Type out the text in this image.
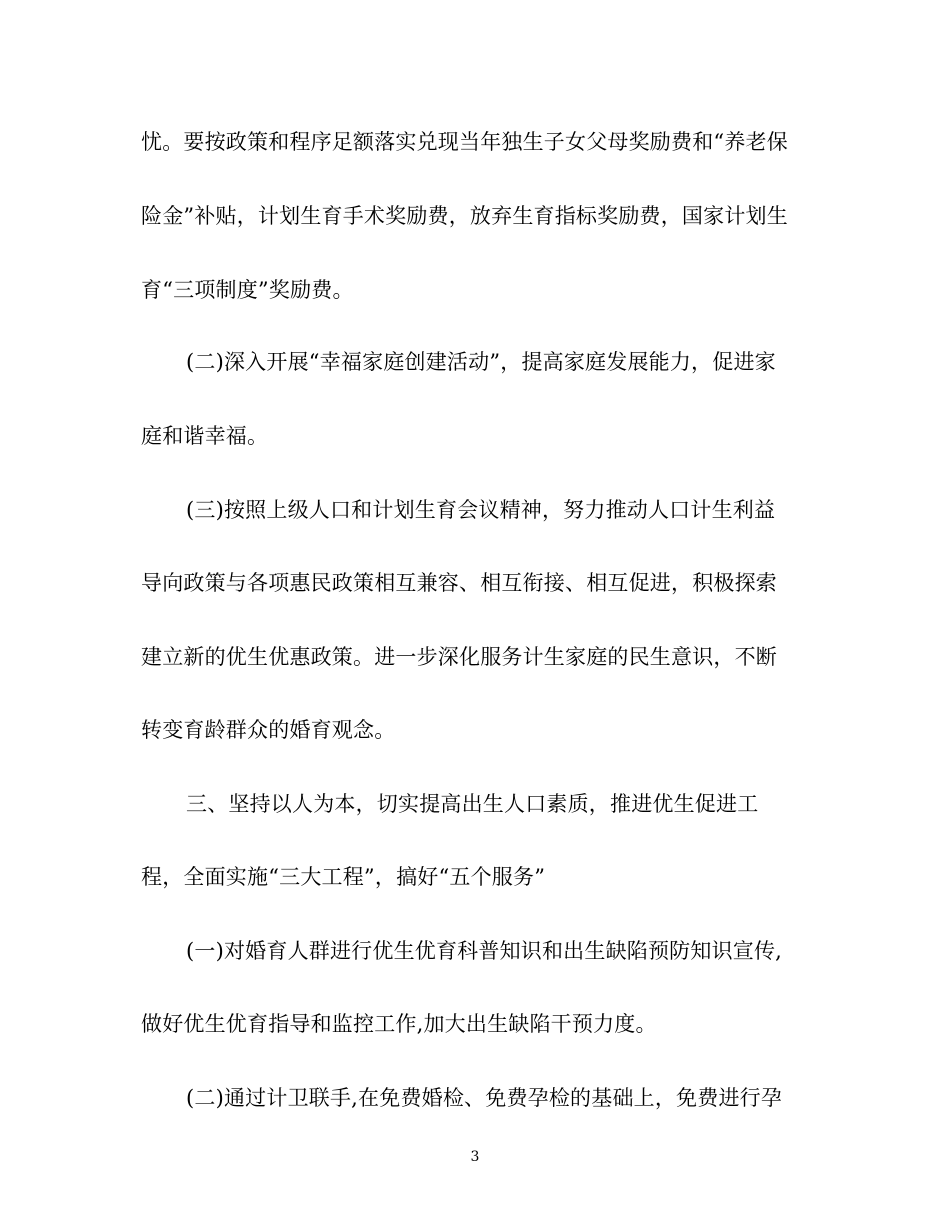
忧。要按政策和程序足额落实兑现当年独生子女父母奖励费和“养老保
险金”补贴，计划生育手术奖励费，放弃生育指标奖励费，国家计划生
育“三项制度”奖励费。
(二)深入开展“幸福家庭创建活动”，提高家庭发展能力，促进家
庭和谐幸福。
(三)按照上级人口和计划生育会议精神，努力推动人口计生利益
导向政策与各项惠民政策相互兼容、相互衔接、相互促进，积极探索
建立新的优生优惠政策。进一步深化服务计生家庭的民生意识，不断
转变育龄群众的婚育观念。
三、坚持以人为本，切实提高出生人口素质，推进优生促进工
程，全面实施“三大工程”，搞好“五个服务”
(一)对婚育人群进行优生优育科普知识和出生缺陷预防知识宣传,
做好优生优育指导和监控工作,加大出生缺陷干预力度。
(二)通过计卫联手,在免费婚检、免费孕检的基础上，免费进行孕
3
